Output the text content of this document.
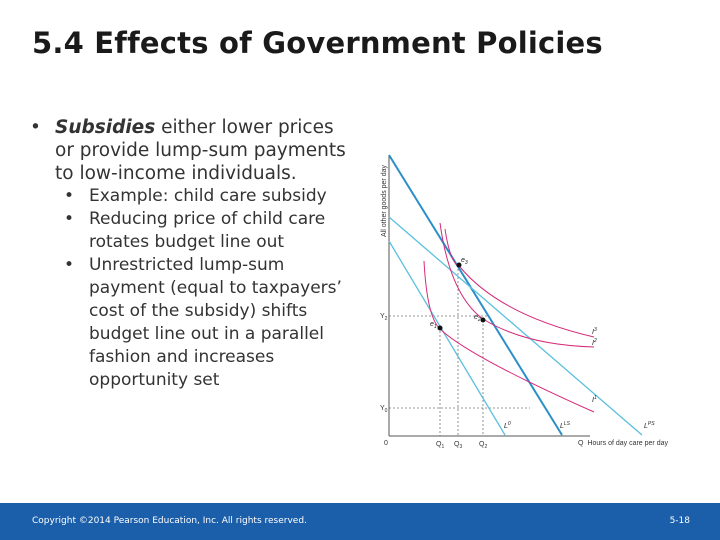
5.4 Effects of Government Policies
• Subsidies either lower prices or provide lump-sum payments to low-income individuals.
• Example: child care subsidy
• Reducing price of child care rotates budget line out
• Unrestricted lump-sum payment (equal to taxpayers’ cost of the subsidy) shifts budget line out in a parallel fashion and increases opportunity set
All other goods per day
Q Hours of day care per day
0
$Y_2$
$Y_0$
$e_3$
$e_2$
$e_1$
$I^3$
$I^2$
$I^1$
$L^0$	$L^{LS}$	$L^{PS}$
$Q_1$ $Q_3$ $Q_2$
Copyright ©2014 Pearson Education, Inc. All rights reserved.	5-18
